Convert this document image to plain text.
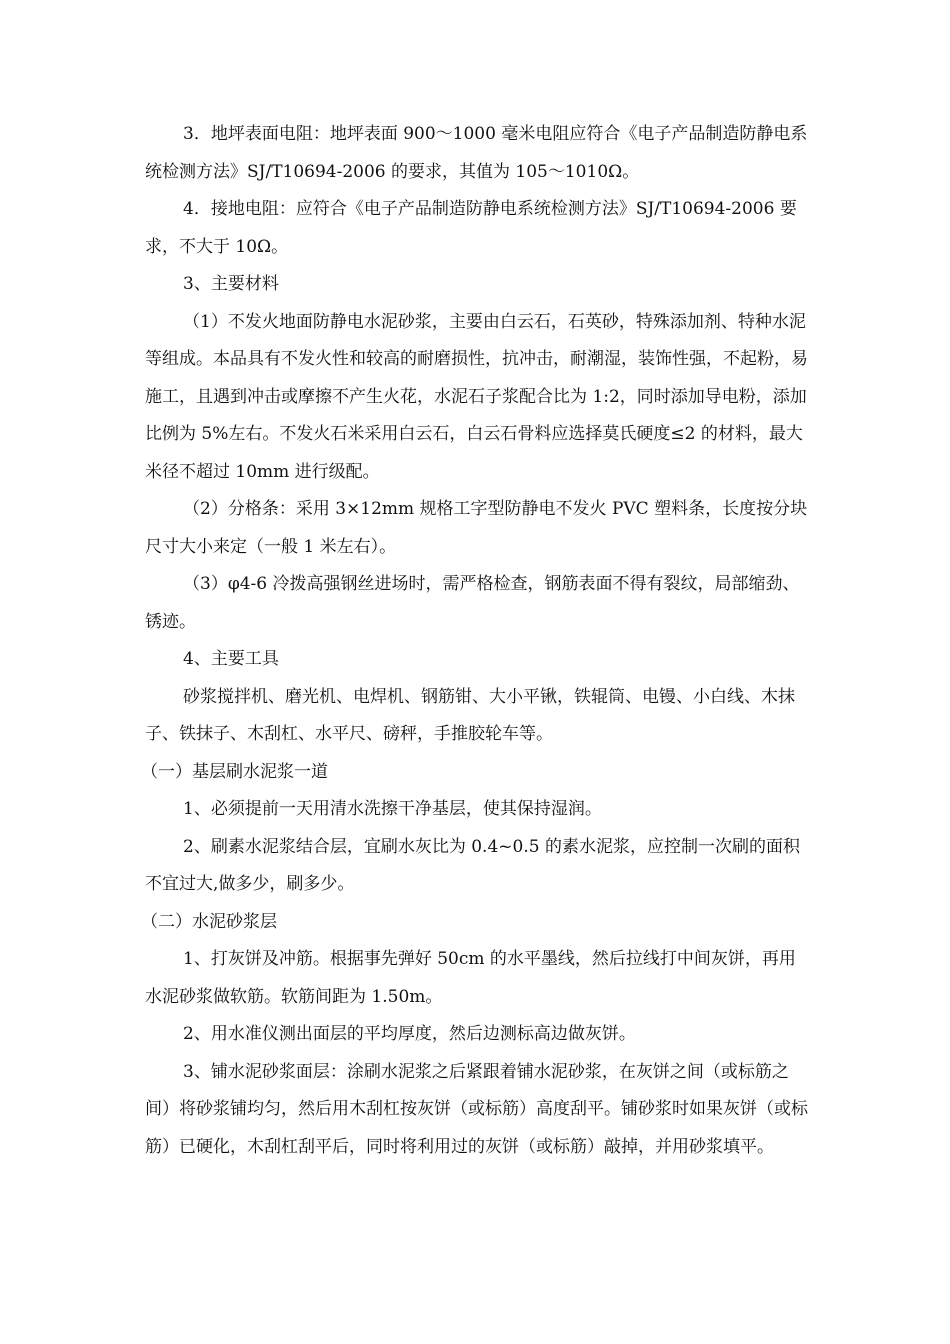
3．地坪表面电阻：地坪表面 900～1000 毫米电阻应符合《电子产品制造防静电系统检测方法》SJ/T10694-2006 的要求，其值为 105～1010Ω。

4．接地电阻：应符合《电子产品制造防静电系统检测方法》SJ/T10694-2006 要求，不大于 10Ω。

3、主要材料

（1）不发火地面防静电水泥砂浆，主要由白云石，石英砂，特殊添加剂、特种水泥等组成。本品具有不发火性和较高的耐磨损性，抗冲击，耐潮湿，装饰性强，不起粉，易施工，且遇到冲击或摩擦不产生火花，水泥石子浆配合比为 1:2，同时添加导电粉，添加比例为 5%左右。不发火石米采用白云石，白云石骨料应选择莫氏硬度≤2 的材料，最大米径不超过 10mm 进行级配。

（2）分格条：采用 3×12mm 规格工字型防静电不发火 PVC 塑料条，长度按分块尺寸大小来定（一般 1 米左右）。

（3）φ4-6 冷拨高强钢丝进场时，需严格检查，钢筋表面不得有裂纹，局部缩劲、锈迹。

4、主要工具

砂浆搅拌机、磨光机、电焊机、钢筋钳、大小平锹，铁辊筒、电镘、小白线、木抹子、铁抹子、木刮杠、水平尺、磅秤，手推胶轮车等。

（一）基层刷水泥浆一道

1、必须提前一天用清水洗擦干净基层，使其保持湿润。

2、刷素水泥浆结合层，宜刷水灰比为 0.4~0.5 的素水泥浆，应控制一次刷的面积不宜过大,做多少，刷多少。

（二）水泥砂浆层

1、打灰饼及冲筋。根据事先弹好 50cm 的水平墨线，然后拉线打中间灰饼，再用水泥砂浆做软筋。软筋间距为 1.50m。

2、用水准仪测出面层的平均厚度，然后边测标高边做灰饼。

3、铺水泥砂浆面层：涂刷水泥浆之后紧跟着铺水泥砂浆，在灰饼之间（或标筋之间）将砂浆铺均匀，然后用木刮杠按灰饼（或标筋）高度刮平。铺砂浆时如果灰饼（或标筋）已硬化，木刮杠刮平后，同时将利用过的灰饼（或标筋）敲掉，并用砂浆填平。
